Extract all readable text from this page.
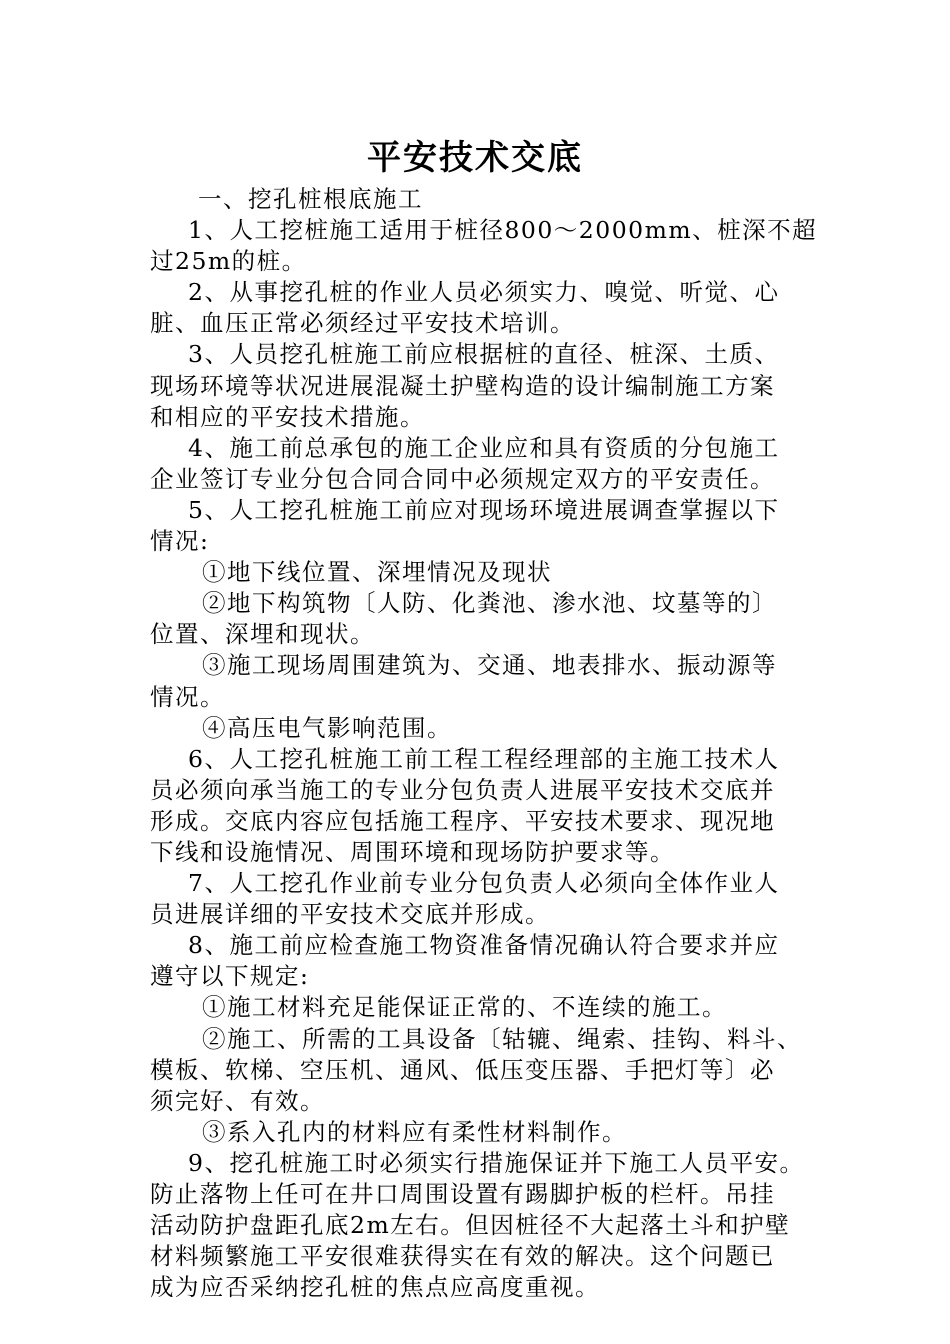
平安技术交底
一、挖孔桩根底施工
1、人工挖桩施工适用于桩径800～2000mm、桩深不超
过25m的桩。
2、从事挖孔桩的作业人员必须实力、嗅觉、听觉、心
脏、血压正常必须经过平安技术培训。
3、人员挖孔桩施工前应根据桩的直径、桩深、土质、
现场环境等状况进展混凝土护壁构造的设计编制施工方案
和相应的平安技术措施。
4、施工前总承包的施工企业应和具有资质的分包施工
企业签订专业分包合同合同中必须规定双方的平安责任。
5、人工挖孔桩施工前应对现场环境进展调查掌握以下
情况:
①地下线位置、深埋情况及现状
②地下构筑物〔人防、化粪池、渗水池、坟墓等的〕
位置、深埋和现状。
③施工现场周围建筑为、交通、地表排水、振动源等
情况。
④高压电气影响范围。
6、人工挖孔桩施工前工程工程经理部的主施工技术人
员必须向承当施工的专业分包负责人进展平安技术交底并
形成。交底内容应包括施工程序、平安技术要求、现况地
下线和设施情况、周围环境和现场防护要求等。
7、人工挖孔作业前专业分包负责人必须向全体作业人
员进展详细的平安技术交底并形成。
8、施工前应检查施工物资准备情况确认符合要求并应
遵守以下规定:
①施工材料充足能保证正常的、不连续的施工。
②施工、所需的工具设备〔轱辘、绳索、挂钩、料斗、
模板、软梯、空压机、通风、低压变压器、手把灯等〕必
须完好、有效。
③系入孔内的材料应有柔性材料制作。
9、挖孔桩施工时必须实行措施保证并下施工人员平安。
防止落物上任可在井口周围设置有踢脚护板的栏杆。吊挂
活动防护盘距孔底2m左右。但因桩径不大起落土斗和护壁
材料频繁施工平安很难获得实在有效的解决。这个问题已
成为应否采纳挖孔桩的焦点应高度重视。
